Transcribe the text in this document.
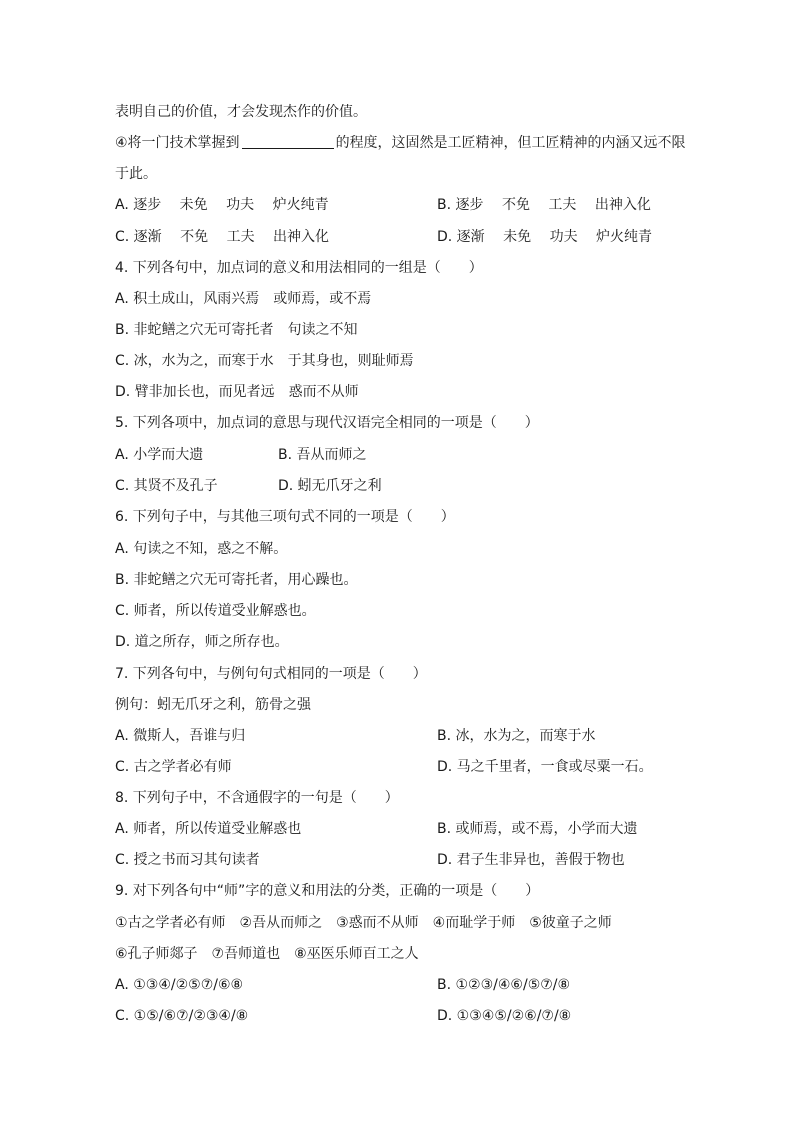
表明自己的价值，才会发现杰作的价值。
④将一门技术掌握到	的程度，这固然是工匠精神，但工匠精神的内涵又远不限
于此。
A. 逐步　 未免　 功夫　 炉火纯青	B. 逐步　 不免　 工夫　 出神入化
C. 逐渐　 不免　 工夫　 出神入化	D. 逐渐　 未免　 功夫　 炉火纯青
4. 下列各句中，加点词的意义和用法相同的一组是（　　）
A. 积土成山，风雨兴焉　或师焉，或不焉
B. 非蛇鳝之穴无可寄托者　句读之不知
C. 冰，水为之，而寒于水　于其身也，则耻师焉
D. 臂非加长也，而见者远　惑而不从师
5. 下列各项中，加点词的意思与现代汉语完全相同的一项是（　　）
A. 小学而大遗	B. 吾从而师之
C. 其贤不及孔子	D. 蚓无爪牙之利
6. 下列句子中，与其他三项句式不同的一项是（　　）
A. 句读之不知，惑之不解。
B. 非蛇鳝之穴无可寄托者，用心躁也。
C. 师者，所以传道受业解惑也。
D. 道之所存，师之所存也。
7. 下列各句中，与例句句式相同的一项是（　　）
例句：蚓无爪牙之利，筋骨之强
A. 微斯人，吾谁与归	B. 冰，水为之，而寒于水
C. 古之学者必有师	D. 马之千里者，一食或尽粟一石。
8. 下列句子中，不含通假字的一句是（　　）
A. 师者，所以传道受业解惑也	B. 或师焉，或不焉，小学而大遗
C. 授之书而习其句读者	D. 君子生非异也，善假于物也
9. 对下列各句中“师”字的意义和用法的分类，正确的一项是（　　）
①古之学者必有师　②吾从而师之　③惑而不从师　④而耻学于师　⑤彼童子之师
⑥孔子师郯子　⑦吾师道也　⑧巫医乐师百工之人
A. ①③④/②⑤⑦/⑥⑧	B. ①②③/④⑥/⑤⑦/⑧
C. ①⑤/⑥⑦/②③④/⑧	D. ①③④⑤/②⑥/⑦/⑧
